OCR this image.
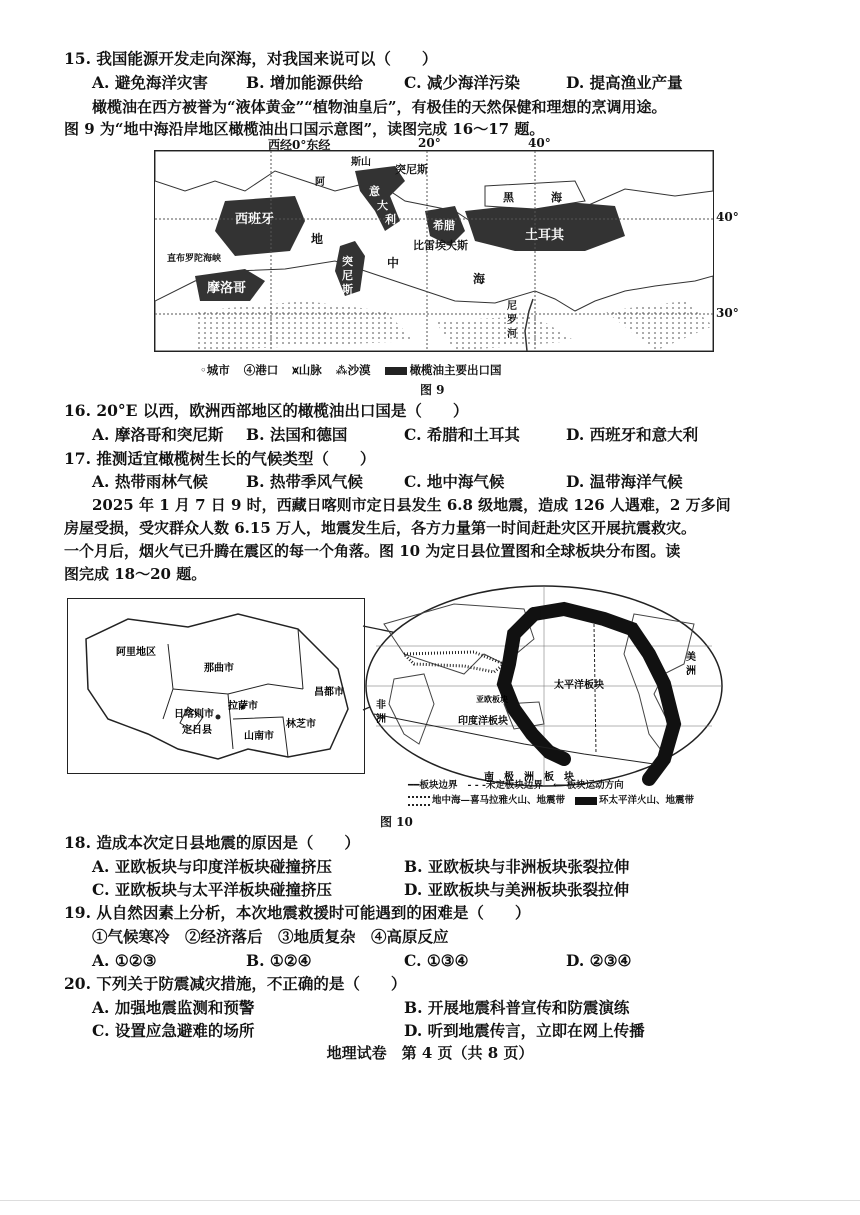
15. 我国能源开发走向深海，对我国来说可以（　　）
A. 避免海洋灾害 B. 增加能源供给	C. 减少海洋污染	D. 提高渔业产量
橄榄油在西方被誉为“液体黄金”“植物油皇后”，有极佳的天然保健和理想的烹调用途。
图 9 为“地中海沿岸地区橄榄油出口国示意图”，读图完成 16～17 题。
西班牙
摩洛哥
直布罗陀海峡	突
尼
斯
意
大
利
突尼斯
斯山
阿
希腊
比雷埃夫斯
土耳其
黑	海
地
中
海
尼
罗
河
西经0°东经	20°	40°
40°
30°
◦城市 ④港口 ⩙山脉 ⁂沙漠	橄榄油主要出口国
图 9
16. 20°E 以西，欧洲西部地区的橄榄油出口国是（　　）
A. 摩洛哥和突尼斯 B. 法国和德国	C. 希腊和土耳其	D. 西班牙和意大利
17. 推测适宜橄榄树生长的气候类型（　　）
A. 热带雨林气候 B. 热带季风气候	C. 地中海气候	D. 温带海洋气候
2025 年 1 月 7 日 9 时，西藏日喀则市定日县发生 6.8 级地震，造成 126 人遇难，2 万多间
房屋受损，受灾群众人数 6.15 万人，地震发生后，各方力量第一时间赶赴灾区开展抗震救灾。
一个月后，烟火气已升腾在震区的每一个角落。图 10 为定日县位置图和全球板块分布图。读
图完成 18～20 题。
阿里地区
那曲市
昌都市
日喀则市
拉萨市
林芝市
定日县
山南市
太平洋板块
印度洋板块
亚欧板块
南　极　洲　板　块
美
洲
非
洲
━━板块边界 - - -未定板块边界 ⟵板块运动方向
地中海—喜马拉雅火山、地震带	环太平洋火山、地震带
图 10
18. 造成本次定日县地震的原因是（　　）
A. 亚欧板块与印度洋板块碰撞挤压	B. 亚欧板块与非洲板块张裂拉伸
C. 亚欧板块与太平洋板块碰撞挤压	D. 亚欧板块与美洲板块张裂拉伸
19. 从自然因素上分析，本次地震救援时可能遇到的困难是（　　）
①气候寒冷　②经济落后　③地质复杂　④高原反应
A. ①②③	B. ①②④	C. ①③④	D. ②③④
20. 下列关于防震减灾措施，不正确的是（　　）
A. 加强地震监测和预警	B. 开展地震科普宣传和防震演练
C. 设置应急避难的场所	D. 听到地震传言，立即在网上传播
地理试卷　第 4 页（共 8 页）
